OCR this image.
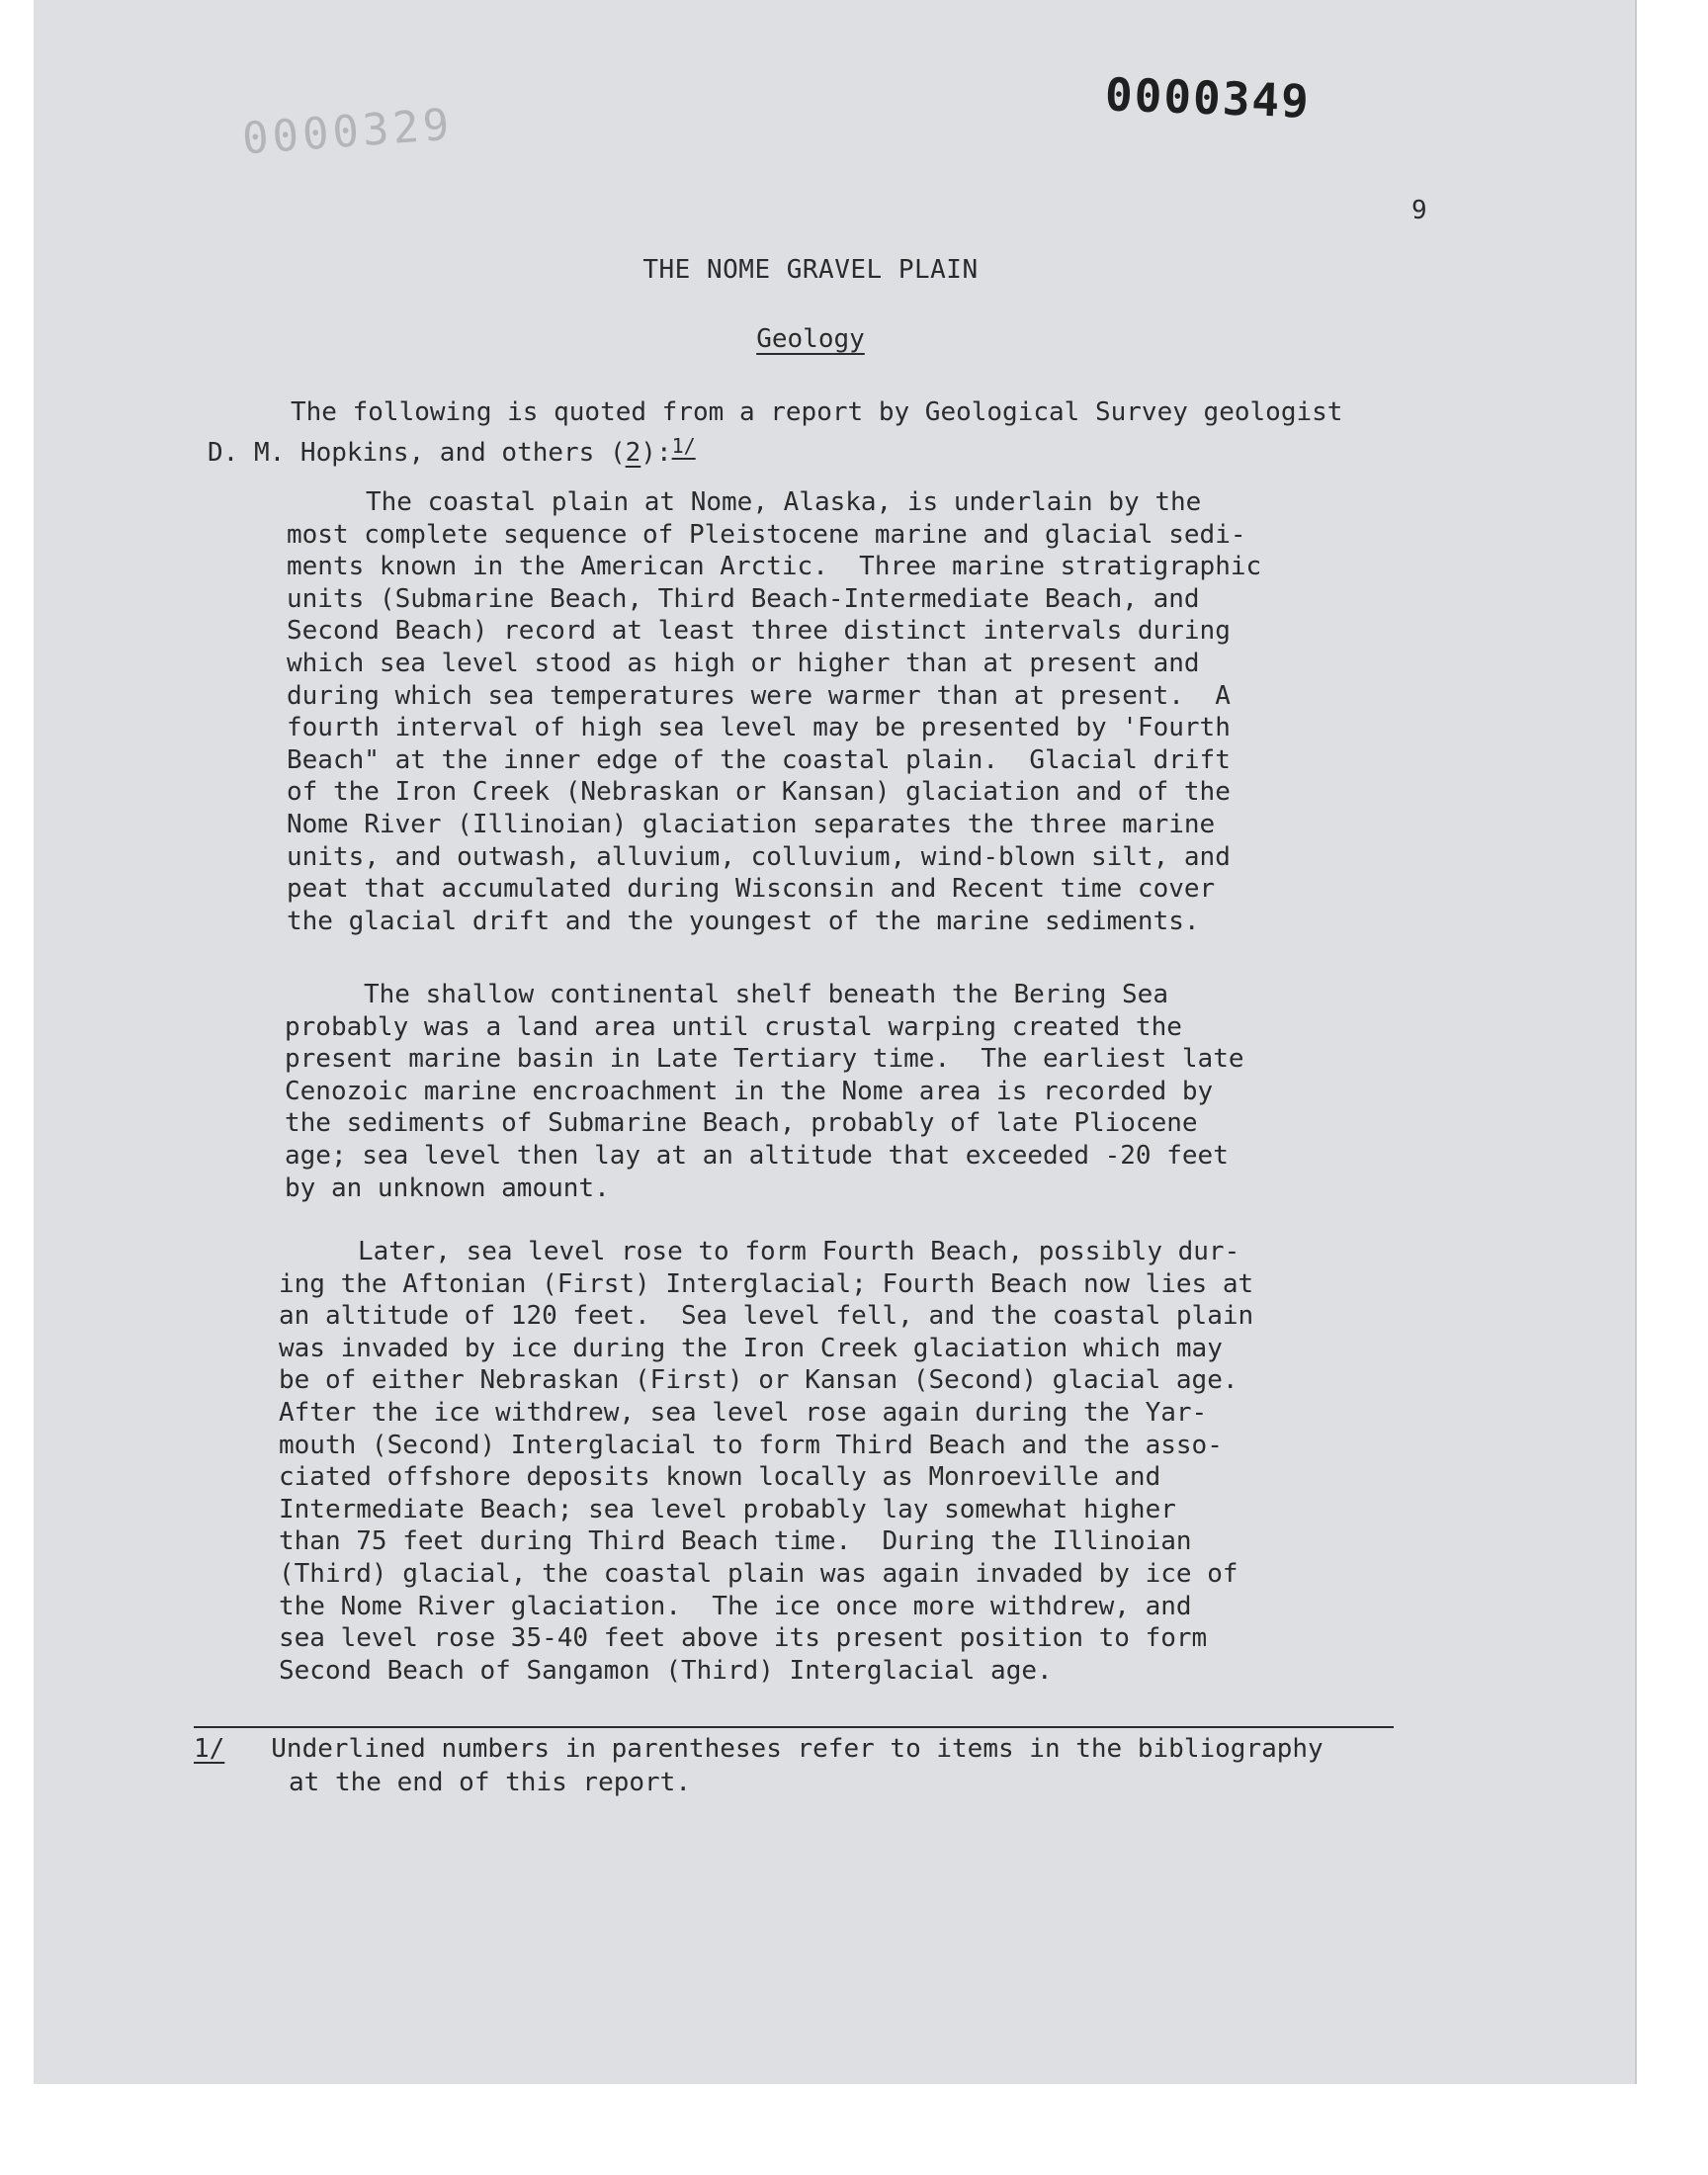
0000329
0000349
9
THE NOME GRAVEL PLAIN
Geology
The following is quoted from a report by Geological Survey geologist
D. M. Hopkins, and others (2):$^{1/}$
The coastal plain at Nome, Alaska, is underlain by the
most complete sequence of Pleistocene marine and glacial sedi-
ments known in the American Arctic.  Three marine stratigraphic
units (Submarine Beach, Third Beach-Intermediate Beach, and
Second Beach) record at least three distinct intervals during
which sea level stood as high or higher than at present and
during which sea temperatures were warmer than at present.  A
fourth interval of high sea level may be presented by 'Fourth
Beach" at the inner edge of the coastal plain.  Glacial drift
of the Iron Creek (Nebraskan or Kansan) glaciation and of the
Nome River (Illinoian) glaciation separates the three marine
units, and outwash, alluvium, colluvium, wind-blown silt, and
peat that accumulated during Wisconsin and Recent time cover
the glacial drift and the youngest of the marine sediments.
The shallow continental shelf beneath the Bering Sea
probably was a land area until crustal warping created the
present marine basin in Late Tertiary time.  The earliest late
Cenozoic marine encroachment in the Nome area is recorded by
the sediments of Submarine Beach, probably of late Pliocene
age; sea level then lay at an altitude that exceeded -20 feet
by an unknown amount.
Later, sea level rose to form Fourth Beach, possibly dur-
ing the Aftonian (First) Interglacial; Fourth Beach now lies at
an altitude of 120 feet.  Sea level fell, and the coastal plain
was invaded by ice during the Iron Creek glaciation which may
be of either Nebraskan (First) or Kansan (Second) glacial age.
After the ice withdrew, sea level rose again during the Yar-
mouth (Second) Interglacial to form Third Beach and the asso-
ciated offshore deposits known locally as Monroeville and
Intermediate Beach; sea level probably lay somewhat higher
than 75 feet during Third Beach time.  During the Illinoian
(Third) glacial, the coastal plain was again invaded by ice of
the Nome River glaciation.  The ice once more withdrew, and
sea level rose 35-40 feet above its present position to form
Second Beach of Sangamon (Third) Interglacial age.
1/ Underlined numbers in parentheses refer to items in the bibliography
at the end of this report.
